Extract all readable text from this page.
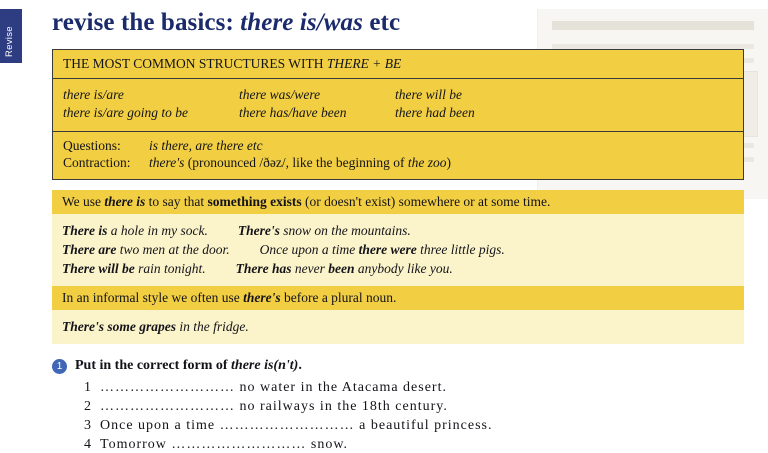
Revise
revise the basics: there is/was etc
THE MOST COMMON STRUCTURES WITH THERE + BE
there is/are	there was/were	there will be
there is/are going to be	there has/have been	there had been
Questions:	is there, are there etc
Contraction:	there's (pronounced /ðəz/, like the beginning of the zoo)
We use there is to say that something exists (or doesn't exist) somewhere or at some time.
There is a hole in my sock. There's snow on the mountains.
There are two men at the door. Once upon a time there were three little pigs.
There will be rain tonight. There has never been anybody like you.
In an informal style we often use there's before a plural noun.
There's some grapes in the fridge.
1 Put in the correct form of there is(n't).
1 ……………………… no water in the Atacama desert.
2 ……………………… no railways in the 18th century.
3 Once upon a time ……………………… a beautiful princess.
4 Tomorrow ……………………… snow.
